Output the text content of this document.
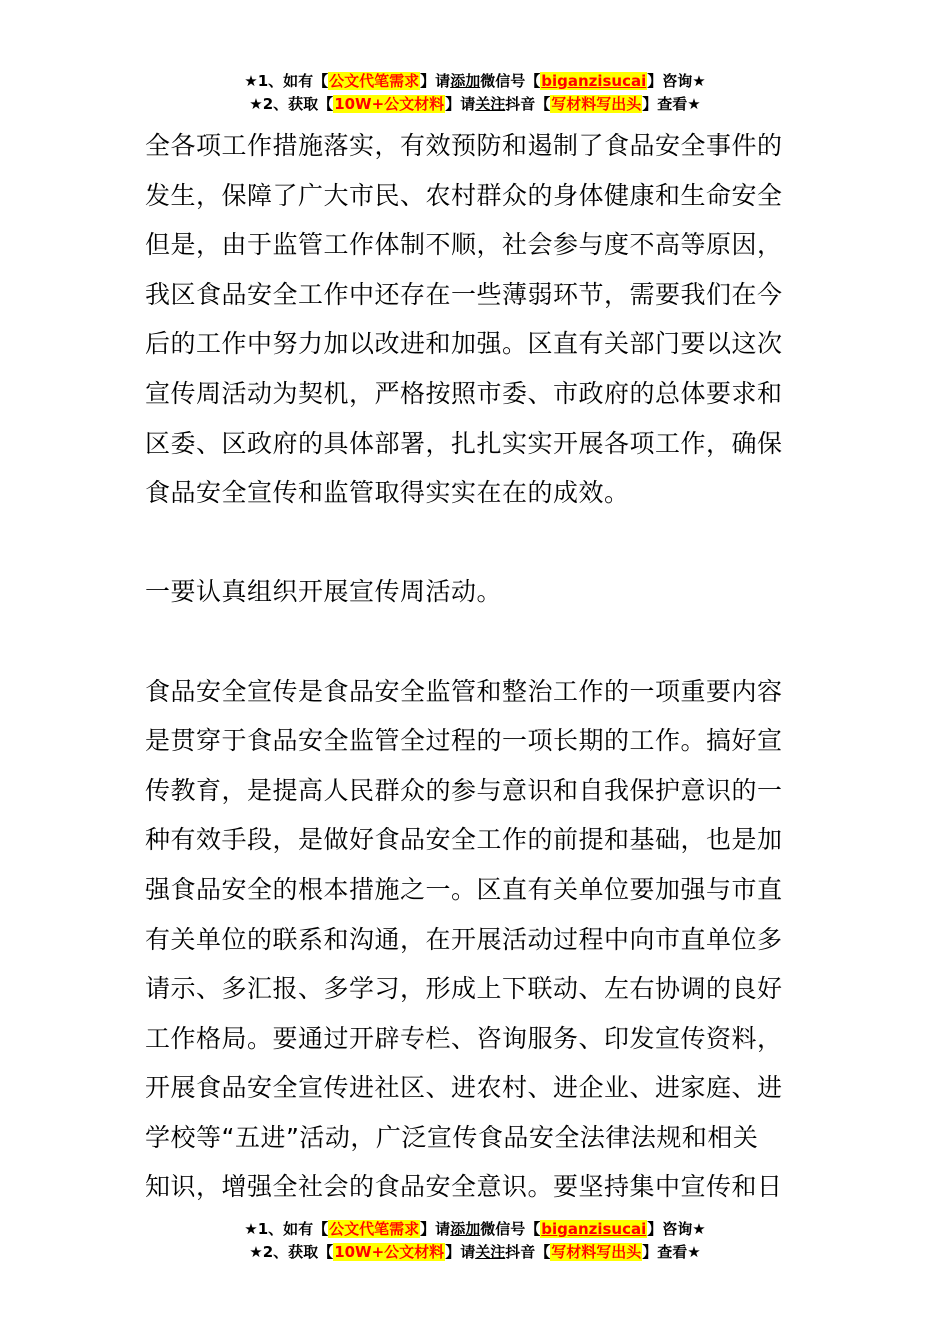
★1、如有【公文代笔需求】请添加微信号【biganzisucai】咨询★
★2、获取【10W+公文材料】请关注抖音【写材料写出头】查看★

全各项工作措施落实，有效预防和遏制了食品安全事件的

发生，保障了广大市民、农村群众的身体健康和生命安全

但是，由于监管工作体制不顺，社会参与度不高等原因，

我区食品安全工作中还存在一些薄弱环节，需要我们在今

后的工作中努力加以改进和加强。区直有关部门要以这次

宣传周活动为契机，严格按照市委、市政府的总体要求和

区委、区政府的具体部署，扎扎实实开展各项工作，确保

食品安全宣传和监管取得实实在在的成效。

一要认真组织开展宣传周活动。

食品安全宣传是食品安全监管和整治工作的一项重要内容

是贯穿于食品安全监管全过程的一项长期的工作。搞好宣

传教育，是提高人民群众的参与意识和自我保护意识的一

种有效手段，是做好食品安全工作的前提和基础，也是加

强食品安全的根本措施之一。区直有关单位要加强与市直

有关单位的联系和沟通，在开展活动过程中向市直单位多

请示、多汇报、多学习，形成上下联动、左右协调的良好

工作格局。要通过开辟专栏、咨询服务、印发宣传资料，

开展食品安全宣传进社区、进农村、进企业、进家庭、进

学校等“五进”活动，广泛宣传食品安全法律法规和相关

知识，增强全社会的食品安全意识。要坚持集中宣传和日

★1、如有【公文代笔需求】请添加微信号【biganzisucai】咨询★
★2、获取【10W+公文材料】请关注抖音【写材料写出头】查看★
